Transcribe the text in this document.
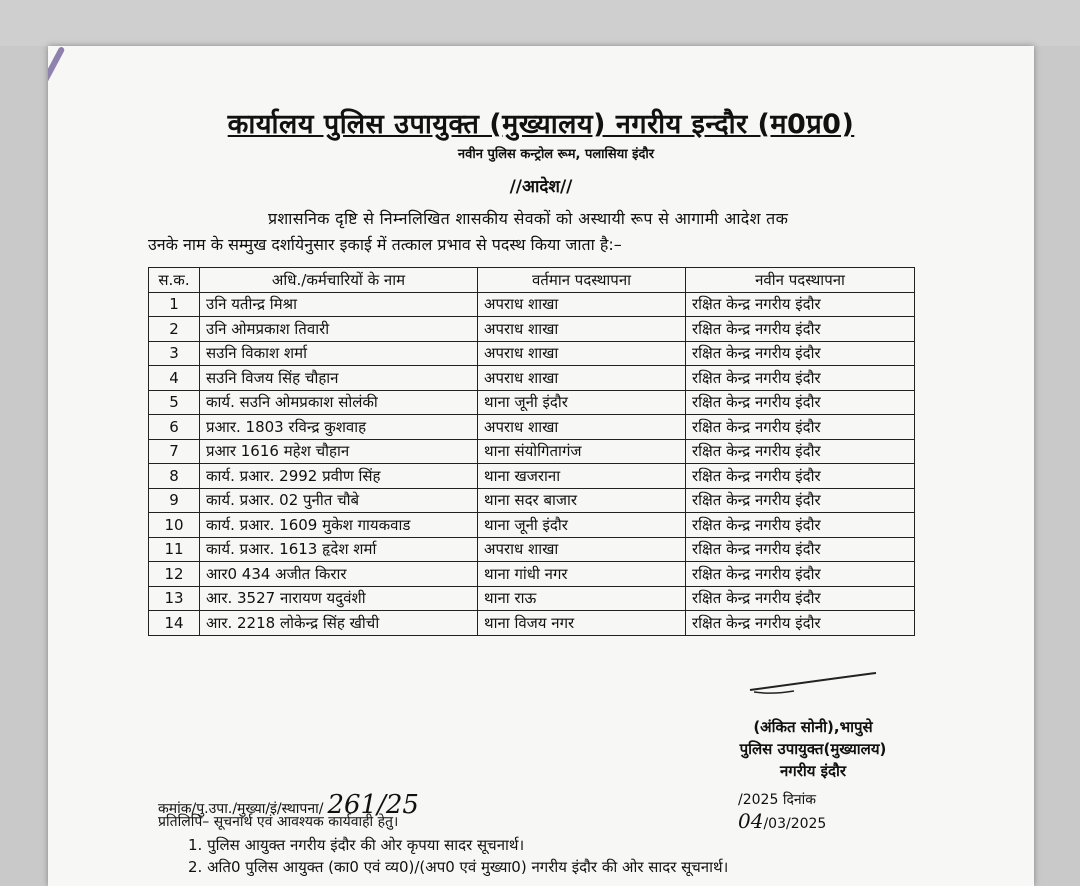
कार्यालय पुलिस उपायुक्त (मुख्यालय) नगरीय इन्दौर (म0प्र0)
नवीन पुलिस कन्ट्रोल रूम, पलासिया इंदौर
//आदेश//
प्रशासनिक दृष्टि से निम्नलिखित शासकीय सेवकों को अस्थायी रूप से आगामी आदेश तक
उनके नाम के सम्मुख दर्शायेनुसार इकाई में तत्काल प्रभाव से पदस्थ किया जाता है:–
स.क.	अधि./कर्मचारियों के नाम	वर्तमान पदस्थापना	नवीन पदस्थापना
1	उनि यतीन्द्र मिश्रा	अपराध शाखा	रक्षित केन्द्र नगरीय इंदौर
2	उनि ओमप्रकाश तिवारी	अपराध शाखा	रक्षित केन्द्र नगरीय इंदौर
3	सउनि विकाश शर्मा	अपराध शाखा	रक्षित केन्द्र नगरीय इंदौर
4	सउनि विजय सिंह चौहान	अपराध शाखा	रक्षित केन्द्र नगरीय इंदौर
5	कार्य. सउनि ओमप्रकाश सोलंकी	थाना जूनी इंदौर	रक्षित केन्द्र नगरीय इंदौर
6	प्रआर. 1803 रविन्द्र कुशवाह	अपराध शाखा	रक्षित केन्द्र नगरीय इंदौर
7	प्रआर 1616 महेश चौहान	थाना संयोगितागंज	रक्षित केन्द्र नगरीय इंदौर
8	कार्य. प्रआर. 2992 प्रवीण सिंह	थाना खजराना	रक्षित केन्द्र नगरीय इंदौर
9	कार्य. प्रआर. 02 पुनीत चौबे	थाना सदर बाजार	रक्षित केन्द्र नगरीय इंदौर
10	कार्य. प्रआर. 1609 मुकेश गायकवाड	थाना जूनी इंदौर	रक्षित केन्द्र नगरीय इंदौर
11	कार्य. प्रआर. 1613 हृदेश शर्मा	अपराध शाखा	रक्षित केन्द्र नगरीय इंदौर
12	आर0 434 अजीत किरार	थाना गांधी नगर	रक्षित केन्द्र नगरीय इंदौर
13	आर. 3527 नारायण यदुवंशी	थाना राऊ	रक्षित केन्द्र नगरीय इंदौर
14	आर. 2218 लोकेन्द्र सिंह खीची	थाना विजय नगर	रक्षित केन्द्र नगरीय इंदौर
(अंकित सोनी),भापुसे
पुलिस उपायुक्त(मुख्यालय)
नगरीय इंदौर
कमांक/पु.उपा./मुख्या/इं/स्थापना/ 261/25	/2025 दिनांक 04/03/2025
प्रतिलिपि– सूचनार्थ एवं आवश्यक कार्यवाही हेतु।
1. पुलिस आयुक्त नगरीय इंदौर की ओर कृपया सादर सूचनार्थ।
2. अति0 पुलिस आयुक्त (का0 एवं व्य0)/(अप0 एवं मुख्या0) नगरीय इंदौर की ओर सादर सूचनार्थ।
